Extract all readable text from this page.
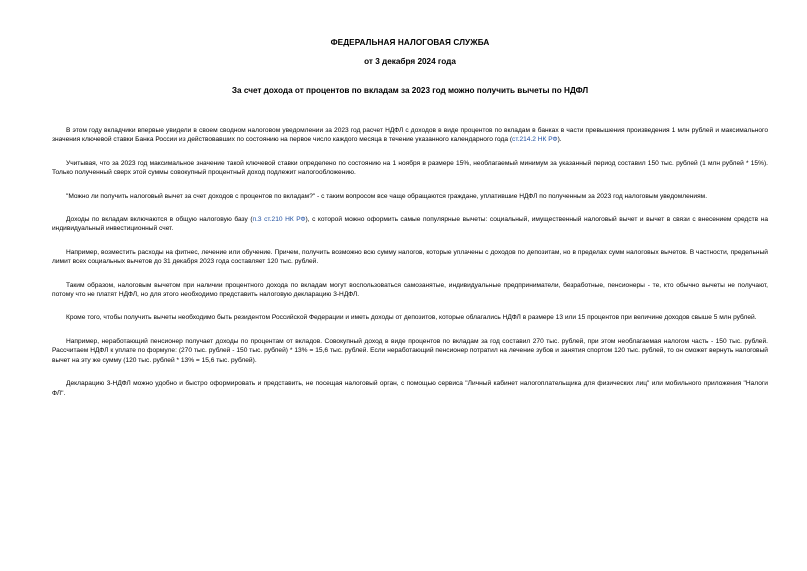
ФЕДЕРАЛЬНАЯ НАЛОГОВАЯ СЛУЖБА
от 3 декабря 2024 года
За счет дохода от процентов по вкладам за 2023 год можно получить вычеты по НДФЛ

В этом году вкладчики впервые увидели в своем сводном налоговом уведомлении за 2023 год расчет НДФЛ с доходов в виде процентов по вкладам в банках в части превышения произведения 1 млн рублей и максимального значения ключевой ставки Банка России из действовавших по состоянию на первое число каждого месяца в течение указанного календарного года (ст.214.2 НК РФ).

Учитывая, что за 2023 год максимальное значение такой ключевой ставки определено по состоянию на 1 ноября в размере 15%, необлагаемый минимум за указанный период составил 150 тыс. рублей (1 млн рублей * 15%). Только полученный сверх этой суммы совокупный процентный доход подлежит налогообложению.

"Можно ли получить налоговый вычет за счет доходов с процентов по вкладам?" - с таким вопросом все чаще обращаются граждане, уплатившие НДФЛ по полученным за 2023 год налоговым уведомлениям.

Доходы по вкладам включаются в общую налоговую базу (п.3 ст.210 НК РФ), с которой можно оформить самые популярные вычеты: социальный, имущественный налоговый вычет и вычет в связи с внесением средств на индивидуальный инвестиционный счет.

Например, возместить расходы на фитнес, лечение или обучение. Причем, получить возможно всю сумму налогов, которые уплачены с доходов по депозитам, но в пределах сумм налоговых вычетов. В частности, предельный лимит всех социальных вычетов до 31 декабря 2023 года составляет 120 тыс. рублей.

Таким образом, налоговым вычетом при наличии процентного дохода по вкладам могут воспользоваться самозанятые, индивидуальные предприниматели, безработные, пенсионеры - те, кто обычно вычеты не получают, потому что не платят НДФЛ, но для этого необходимо представить налоговую декларацию 3-НДФЛ.

Кроме того, чтобы получить вычеты необходимо быть резидентом Российской Федерации и иметь доходы от депозитов, которые облагались НДФЛ в размере 13 или 15 процентов при величине доходов свыше 5 млн рублей.

Например, неработающий пенсионер получает доходы по процентам от вкладов. Совокупный доход в виде процентов по вкладам за год составил 270 тыс. рублей, при этом необлагаемая налогом часть - 150 тыс. рублей. Рассчитаем НДФЛ к уплате по формуле: (270 тыс. рублей - 150 тыс. рублей) * 13% = 15,6 тыс. рублей. Если неработающий пенсионер потратил на лечение зубов и занятия спортом 120 тыс. рублей, то он сможет вернуть налоговый вычет на эту же сумму (120 тыс. рублей * 13% = 15,6 тыс. рублей).

Декларацию 3-НДФЛ можно удобно и быстро оформировать и представить, не посещая налоговый орган, с помощью сервиса "Личный кабинет налогоплательщика для физических лиц" или мобильного приложения "Налоги ФЛ".
